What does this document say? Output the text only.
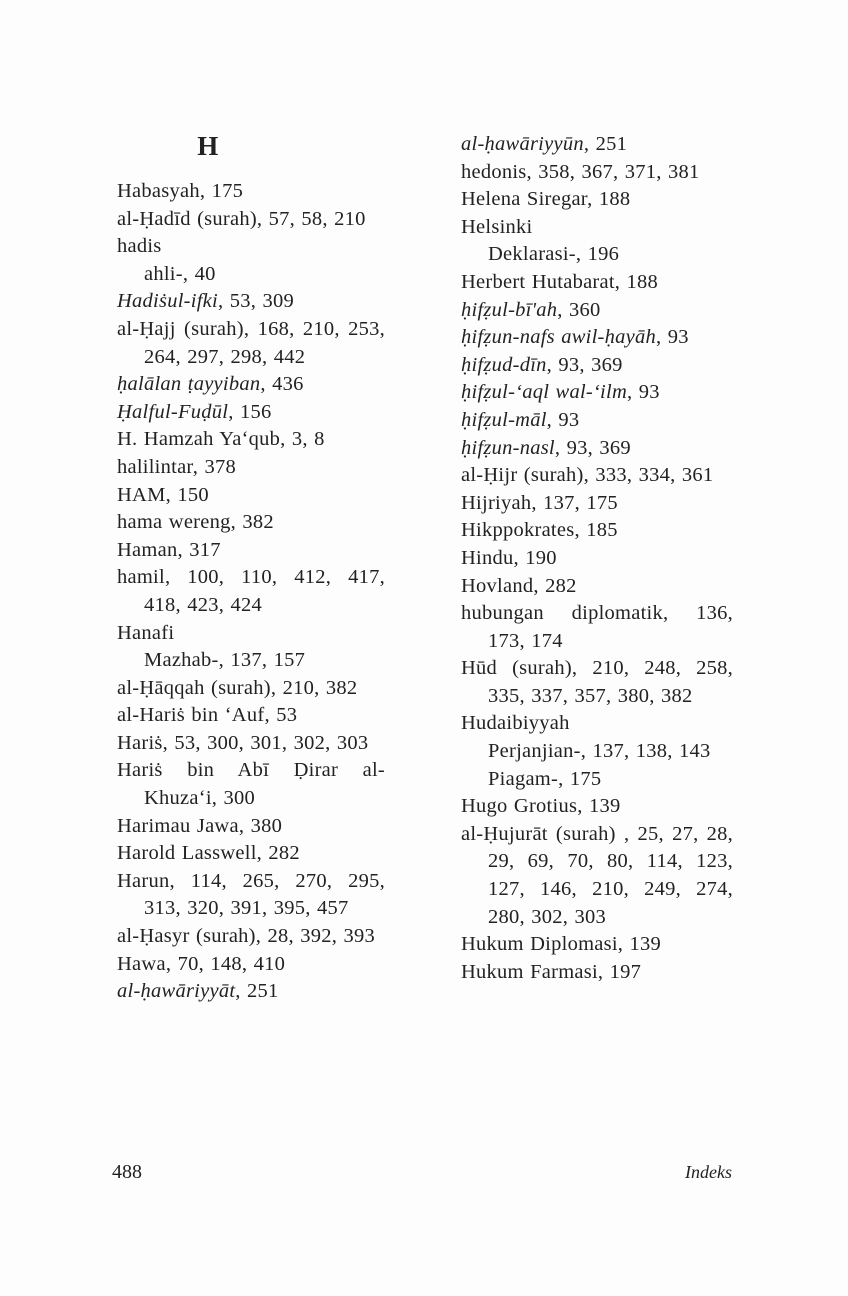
H
Habasyah, 175
al-Ḥadīd (surah), 57, 58, 210
hadis
ahli-, 40
Hadiṡul-ifki, 53, 309
al-Ḥajj (surah), 168, 210, 253, 264, 297, 298, 442
ḥalālan ṭayyiban, 436
Ḥalful-Fuḍūl, 156
H. Hamzah Ya‘qub, 3, 8
halilintar, 378
HAM, 150
hama wereng, 382
Haman, 317
hamil, 100, 110, 412, 417, 418, 423, 424
Hanafi
Mazhab-, 137, 157
al-Ḥāqqah (surah), 210, 382
al-Hariṡ bin ‘Auf, 53
Hariṡ, 53, 300, 301, 302, 303
Hariṡ bin Abī Ḍirar al-Khuza‘i, 300
Harimau Jawa, 380
Harold Lasswell, 282
Harun, 114, 265, 270, 295, 313, 320, 391, 395, 457
al-Ḥasyr (surah), 28, 392, 393
Hawa, 70, 148, 410
al-ḥawāriyyāt, 251
al-ḥawāriyyūn, 251
hedonis, 358, 367, 371, 381
Helena Siregar, 188
Helsinki
Deklarasi-, 196
Herbert Hutabarat, 188
ḥifẓul-bī'ah, 360
ḥifẓun-nafs awil-ḥayāh, 93
ḥifẓud-dīn, 93, 369
ḥifẓul-‘aql wal-‘ilm, 93
ḥifẓul-māl, 93
ḥifẓun-nasl, 93, 369
al-Ḥijr (surah), 333, 334, 361
Hijriyah, 137, 175
Hikppokrates, 185
Hindu, 190
Hovland, 282
hubungan diplomatik, 136, 173, 174
Hūd (surah), 210, 248, 258, 335, 337, 357, 380, 382
Hudaibiyyah
Perjanjian-, 137, 138, 143
Piagam-, 175
Hugo Grotius, 139
al-Ḥujurāt (surah) , 25, 27, 28, 29, 69, 70, 80, 114, 123, 127, 146, 210, 249, 274, 280, 302, 303
Hukum Diplomasi, 139
Hukum Farmasi, 197
488	Indeks
